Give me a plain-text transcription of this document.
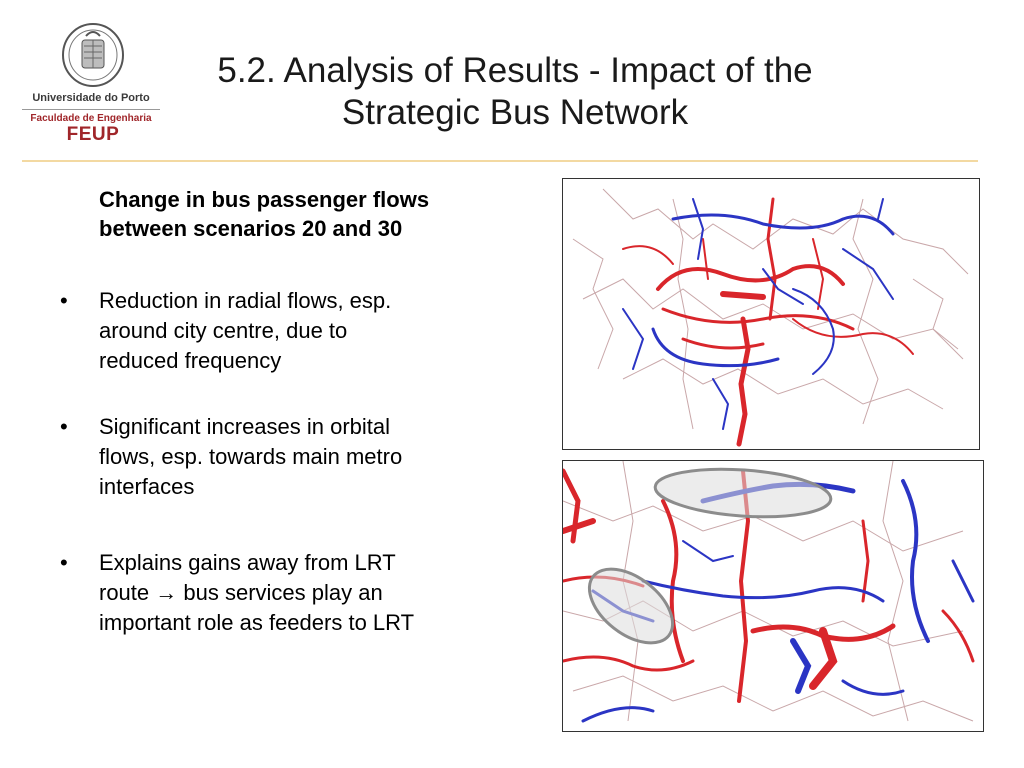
Universidade do Porto
Faculdade de Engenharia
FEUP
5.2. Analysis of Results - Impact of the
Strategic Bus Network
Change in bus passenger flows
between scenarios 20 and 30
• Reduction in radial flows, esp.
around city centre, due to
reduced frequency
• Significant increases in orbital
flows, esp. towards main metro
interfaces
• Explains gains away from LRT
route → bus services play an
important role as feeders to LRT
